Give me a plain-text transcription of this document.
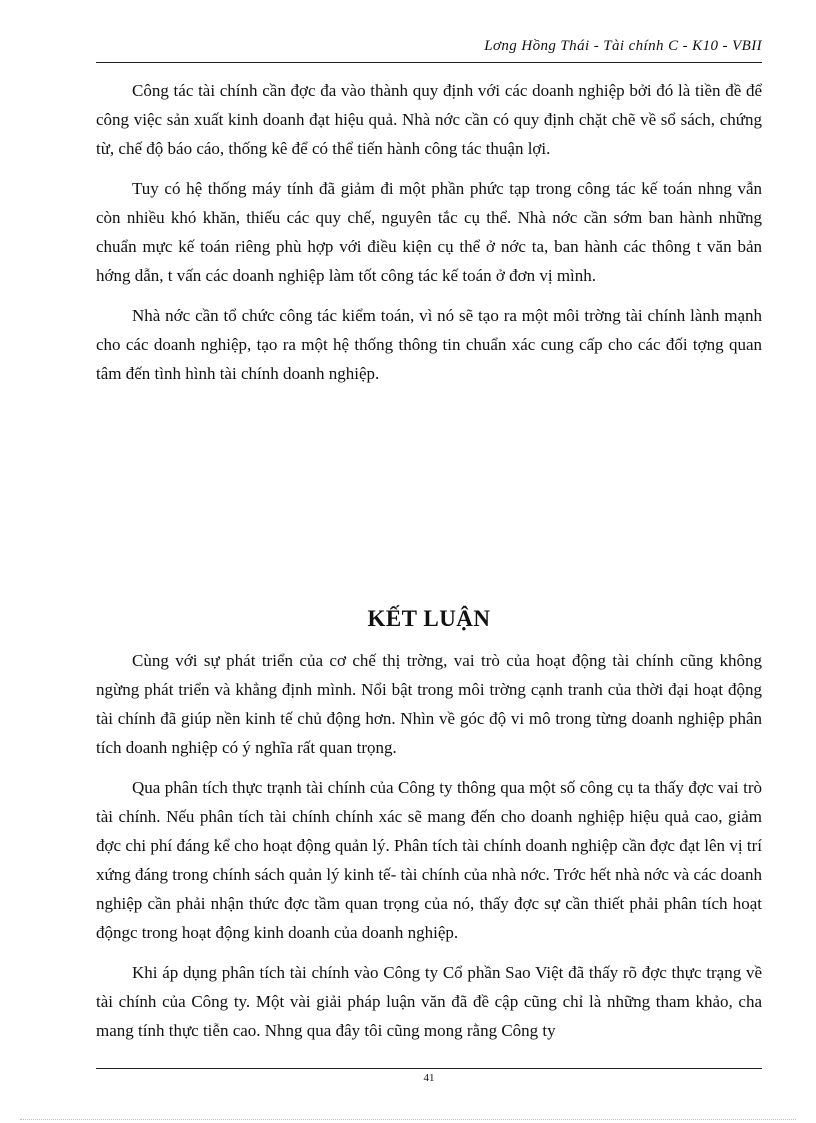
Lơng Hồng Thái - Tài chính C - K10 - VBII

Công tác tài chính cần đợc đa vào thành quy định với các doanh nghiệp bởi đó là tiền đề để công việc sản xuất kinh doanh đạt hiệu quả. Nhà nớc cần có quy định chặt chẽ về sổ sách, chứng từ, chế độ báo cáo, thống kê để có thể tiến hành công tác thuận lợi.

Tuy có hệ thống máy tính đã giảm đi một phần phức tạp trong công tác kế toán nhng vẫn còn nhiều khó khăn, thiếu các quy chế, nguyên tắc cụ thể. Nhà nớc cần sớm ban hành những chuẩn mực kế toán riêng phù hợp với điều kiện cụ thể ở nớc ta, ban hành các thông t văn bản hớng dẫn, t vấn các doanh nghiệp làm tốt công tác kế toán ở đơn vị mình.

Nhà nớc cần tổ chức công tác kiểm toán, vì nó sẽ tạo ra một môi trờng tài chính lành mạnh cho các doanh nghiệp, tạo ra một hệ thống thông tin chuẩn xác cung cấp cho các đối tợng quan tâm đến tình hình tài chính doanh nghiệp.

KẾT LUẬN

Cùng với sự phát triển của cơ chế thị trờng, vai trò của hoạt động tài chính cũng không ngừng phát triển và khẳng định mình. Nổi bật trong môi trờng cạnh tranh của thời đại hoạt động tài chính đã giúp nền kinh tế chủ động hơn. Nhìn về góc độ vi mô trong từng doanh nghiệp phân tích doanh nghiệp có ý nghĩa rất quan trọng.

Qua phân tích thực trạnh tài chính của Công ty thông qua một số công cụ ta thấy đợc vai trò tài chính. Nếu phân tích tài chính chính xác sẽ mang đến cho doanh nghiệp hiệu quả cao, giảm đợc chi phí đáng kể cho hoạt động quản lý. Phân tích tài chính doanh nghiệp cần đợc đạt lên vị trí xứng đáng trong chính sách quản lý kinh tế- tài chính của nhà nớc. Trớc hết nhà nớc và các doanh nghiệp cần phải nhận thức đợc tầm quan trọng của nó, thấy đợc sự cần thiết phải phân tích hoạt độngc trong hoạt động kinh doanh của doanh nghiệp.

Khi áp dụng phân tích tài chính vào Công ty Cổ phần Sao Việt đã thấy rõ đợc thực trạng về tài chính của Công ty. Một vài giải pháp luận văn đã đề cập cũng chỉ là những tham khảo, cha mang tính thực tiễn cao. Nhng qua đây tôi cũng mong rằng Công ty

41
